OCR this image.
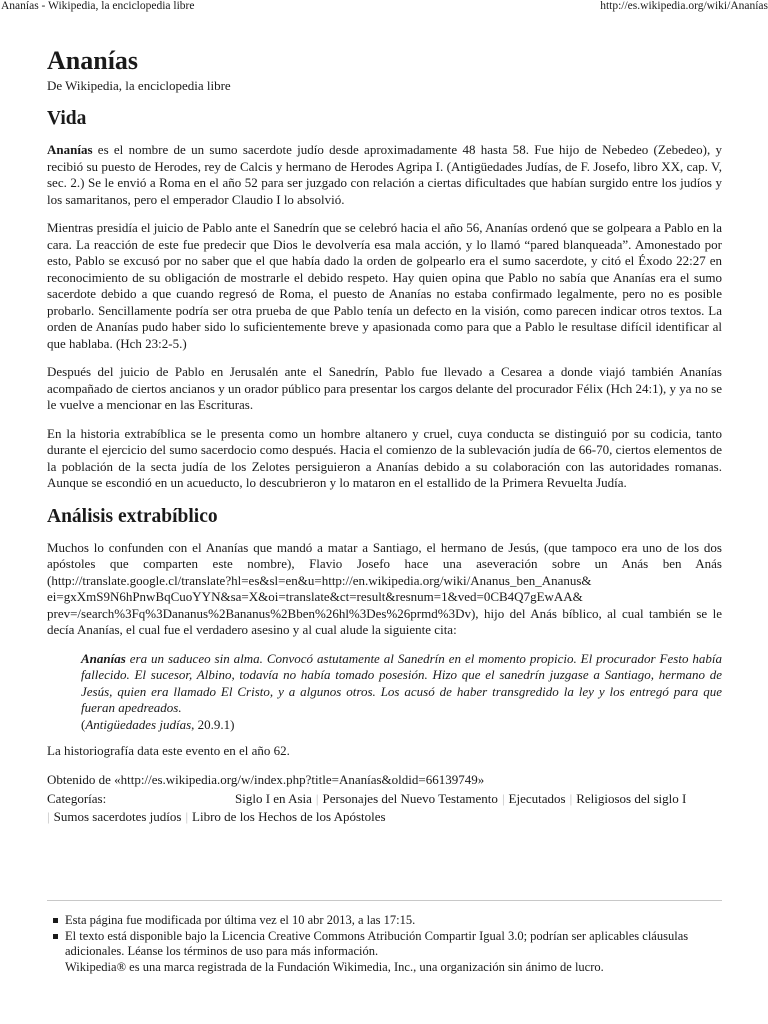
Ananías - Wikipedia, la enciclopedia libre	http://es.wikipedia.org/wiki/Ananías
Ananías
De Wikipedia, la enciclopedia libre
Vida

Ananías es el nombre de un sumo sacerdote judío desde aproximadamente 48 hasta 58. Fue hijo de Nebedeo (Zebedeo), y recibió su puesto de Herodes, rey de Calcis y hermano de Herodes Agripa I. (Antigüedades Judías, de F. Josefo, libro XX, cap. V, sec. 2.) Se le envió a Roma en el año 52 para ser juzgado con relación a ciertas dificultades que habían surgido entre los judíos y los samaritanos, pero el emperador Claudio I lo absolvió.

Mientras presidía el juicio de Pablo ante el Sanedrín que se celebró hacia el año 56, Ananías ordenó que se golpeara a Pablo en la cara. La reacción de este fue predecir que Dios le devolvería esa mala acción, y lo llamó “pared blanqueada”. Amonestado por esto, Pablo se excusó por no saber que el que había dado la orden de golpearlo era el sumo sacerdote, y citó el Éxodo 22:27 en reconocimiento de su obligación de mostrarle el debido respeto. Hay quien opina que Pablo no sabía que Ananías era el sumo sacerdote debido a que cuando regresó de Roma, el puesto de Ananías no estaba confirmado legalmente, pero no es posible probarlo. Sencillamente podría ser otra prueba de que Pablo tenía un defecto en la visión, como parecen indicar otros textos. La orden de Ananías pudo haber sido lo suficientemente breve y apasionada como para que a Pablo le resultase difícil identificar al que hablaba. (Hch 23:2-5.)

Después del juicio de Pablo en Jerusalén ante el Sanedrín, Pablo fue llevado a Cesarea a donde viajó también Ananías acompañado de ciertos ancianos y un orador público para presentar los cargos delante del procurador Félix (Hch 24:1), y ya no se le vuelve a mencionar en las Escrituras.

En la historia extrabíblica se le presenta como un hombre altanero y cruel, cuya conducta se distinguió por su codicia, tanto durante el ejercicio del sumo sacerdocio como después. Hacia el comienzo de la sublevación judía de 66-70, ciertos elementos de la población de la secta judía de los Zelotes persiguieron a Ananías debido a su colaboración con las autoridades romanas. Aunque se escondió en un acueducto, lo descubrieron y lo mataron en el estallido de la Primera Revuelta Judía.

Análisis extrabíblico

Muchos lo confunden con el Ananías que mandó a matar a Santiago, el hermano de Jesús, (que tampoco era uno de los dos apóstoles que comparten este nombre), Flavio Josefo hace una aseveración sobre un Anás ben Anás (http://translate.google.cl/translate?hl=es&sl=en&u=http://en.wikipedia.org/wiki/Ananus_ben_Ananus& ei=gxXmS9N6hPnwBqCuoYYN&sa=X&oi=translate&ct=result&resnum=1&ved=0CB4Q7gEwAA& prev=/search%3Fq%3Dananus%2Bananus%2Bben%26hl%3Des%26prmd%3Dv), hijo del Anás bíblico, al cual también se le decía Ananías, el cual fue el verdadero asesino y al cual alude la siguiente cita:

Ananías era un saduceo sin alma. Convocó astutamente al Sanedrín en el momento propicio. El procurador Festo había fallecido. El sucesor, Albino, todavía no había tomado posesión. Hizo que el sanedrín juzgase a Santiago, hermano de Jesús, quien era llamado El Cristo, y a algunos otros. Los acusó de haber transgredido la ley y los entregó para que fueran apedreados.
(Antigüedades judías, 20.9.1)

La historiografía data este evento en el año 62.

Obtenido de «http://es.wikipedia.org/w/index.php?title=Ananías&oldid=66139749»
Categorías:	Siglo I en Asia | Personajes del Nuevo Testamento | Ejecutados | Religiosos del siglo I
| Sumos sacerdotes judíos | Libro de los Hechos de los Apóstoles
Esta página fue modificada por última vez el 10 abr 2013, a las 17:15.
El texto está disponible bajo la Licencia Creative Commons Atribución Compartir Igual 3.0; podrían ser aplicables cláusulas adicionales. Léanse los términos de uso para más información.
Wikipedia® es una marca registrada de la Fundación Wikimedia, Inc., una organización sin ánimo de lucro.
